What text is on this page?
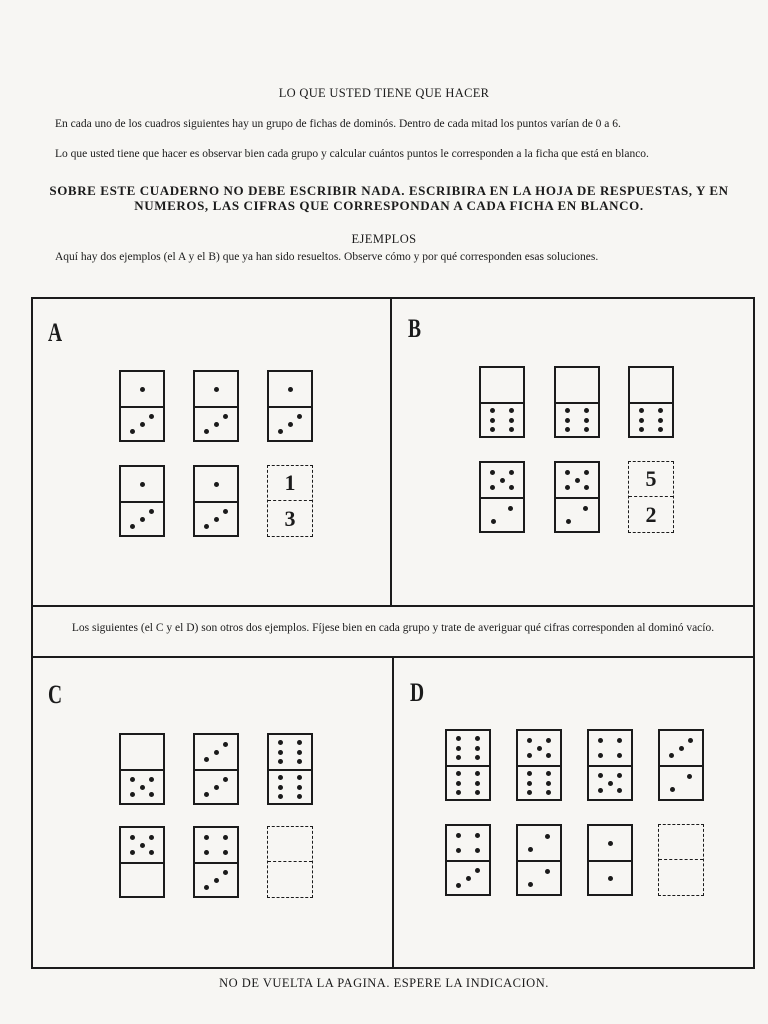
LO QUE USTED TIENE QUE HACER
En cada uno de los cuadros siguientes hay un grupo de fichas de dominós. Dentro de cada mitad los puntos varían de 0 a 6.
Lo que usted tiene que hacer es observar bien cada grupo y calcular cuántos puntos le corresponden a la ficha que está en blanco.
SOBRE ESTE CUADERNO NO DEBE ESCRIBIR NADA. ESCRIBIRA EN LA HOJA DE RESPUESTAS, Y EN NUMEROS, LAS CIFRAS QUE CORRESPONDAN A CADA FICHA EN BLANCO.
EJEMPLOS
Aquí hay dos ejemplos (el A y el B) que ya han sido resueltos. Observe cómo y por qué corresponden esas soluciones.
Los siguientes (el C y el D) son otros dos ejemplos. Fíjese bien en cada grupo y trate de averiguar qué cifras corresponden al dominó vacío.
A
1
3
B
5
2
C	D
NO DE VUELTA LA PAGINA. ESPERE LA INDICACION.
